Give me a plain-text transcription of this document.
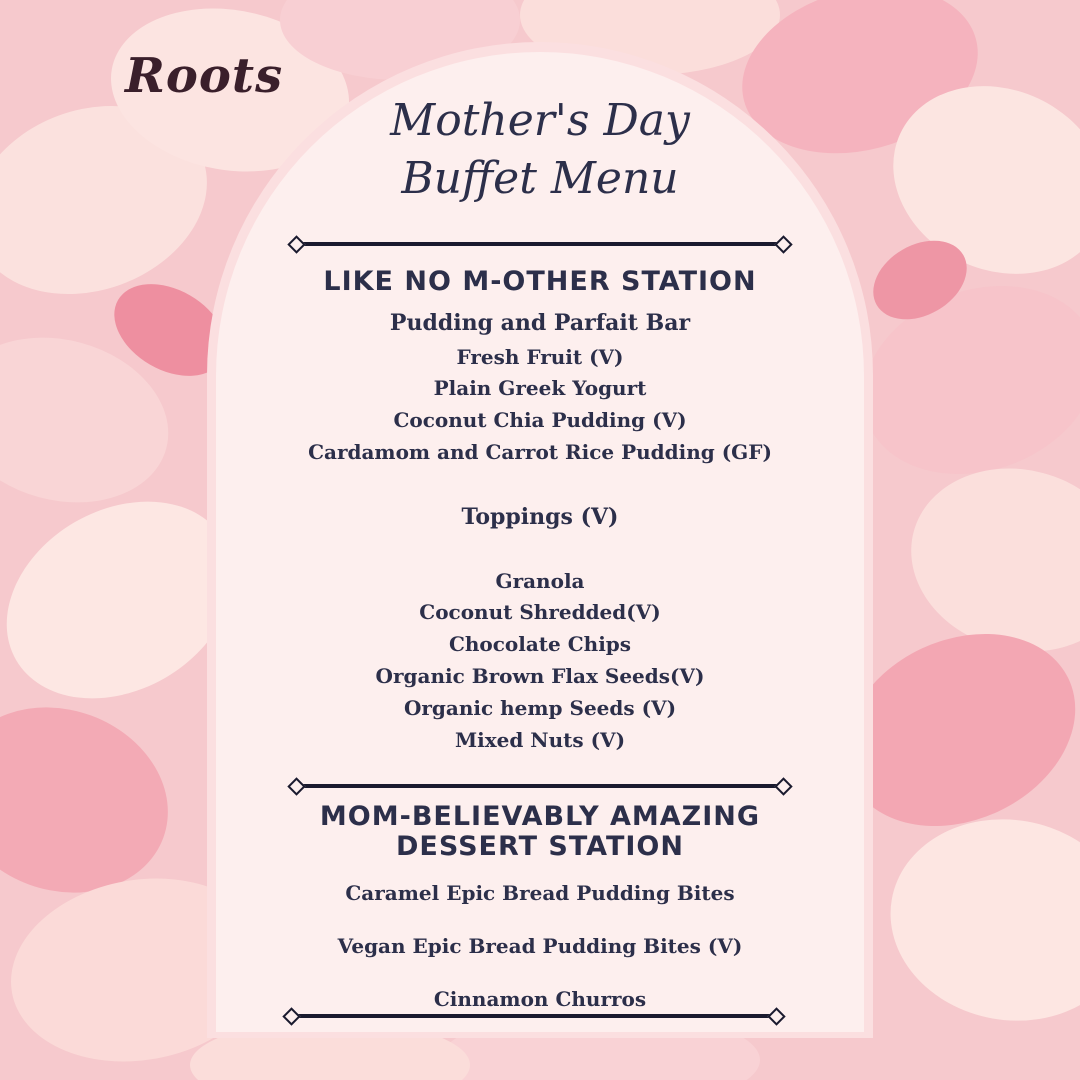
Roots
Mother's Day
Buffet Menu
LIKE NO M-OTHER STATION
Pudding and Parfait Bar
Fresh Fruit (V)
Plain Greek Yogurt
Coconut Chia Pudding (V)
Cardamom and Carrot Rice Pudding (GF)
Toppings (V)
Granola
Coconut Shredded(V)
Chocolate Chips
Organic Brown Flax Seeds(V)
Organic hemp Seeds (V)
Mixed Nuts (V)
MOM-BELIEVABLY AMAZING
DESSERT STATION
Caramel Epic Bread Pudding Bites
Vegan Epic Bread Pudding Bites (V)
Cinnamon Churros
